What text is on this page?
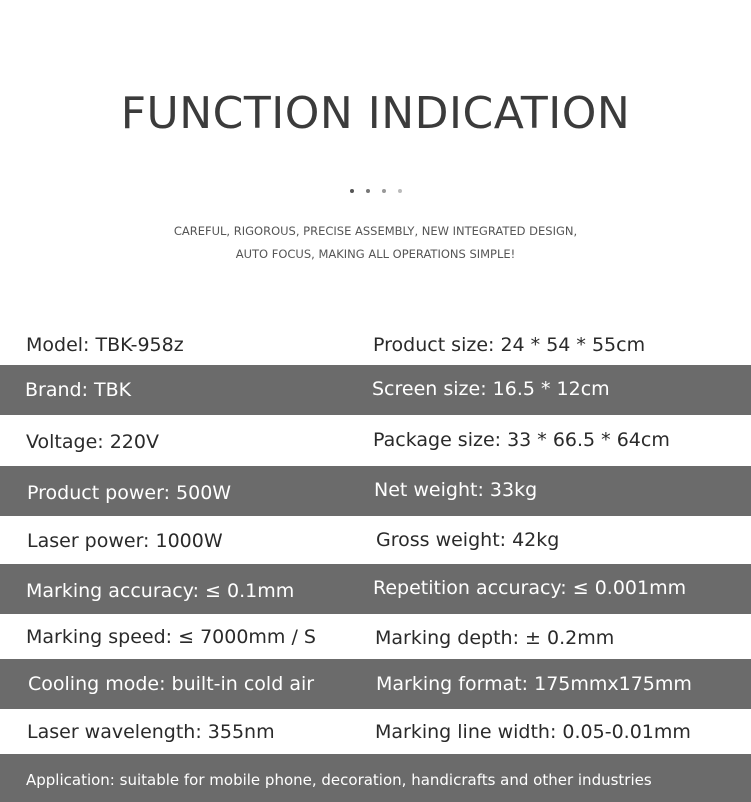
FUNCTION INDICATION
CAREFUL, RIGOROUS, PRECISE ASSEMBLY, NEW INTEGRATED DESIGN,
AUTO FOCUS, MAKING ALL OPERATIONS SIMPLE!
Model: TBK-958z	Product size: 24 * 54 * 55cm
Brand: TBK	Screen size: 16.5 * 12cm
Voltage: 220V	Package size: 33 * 66.5 * 64cm
Product power: 500W	Net weight: 33kg
Laser power: 1000W	Gross weight: 42kg
Marking accuracy: ≤ 0.1mm	Repetition accuracy: ≤ 0.001mm
Marking speed: ≤ 7000mm / S	Marking depth: ± 0.2mm
Cooling mode: built-in cold air	Marking format: 175mmx175mm
Laser wavelength: 355nm	Marking line width: 0.05-0.01mm
Application: suitable for mobile phone, decoration, handicrafts and other industries
